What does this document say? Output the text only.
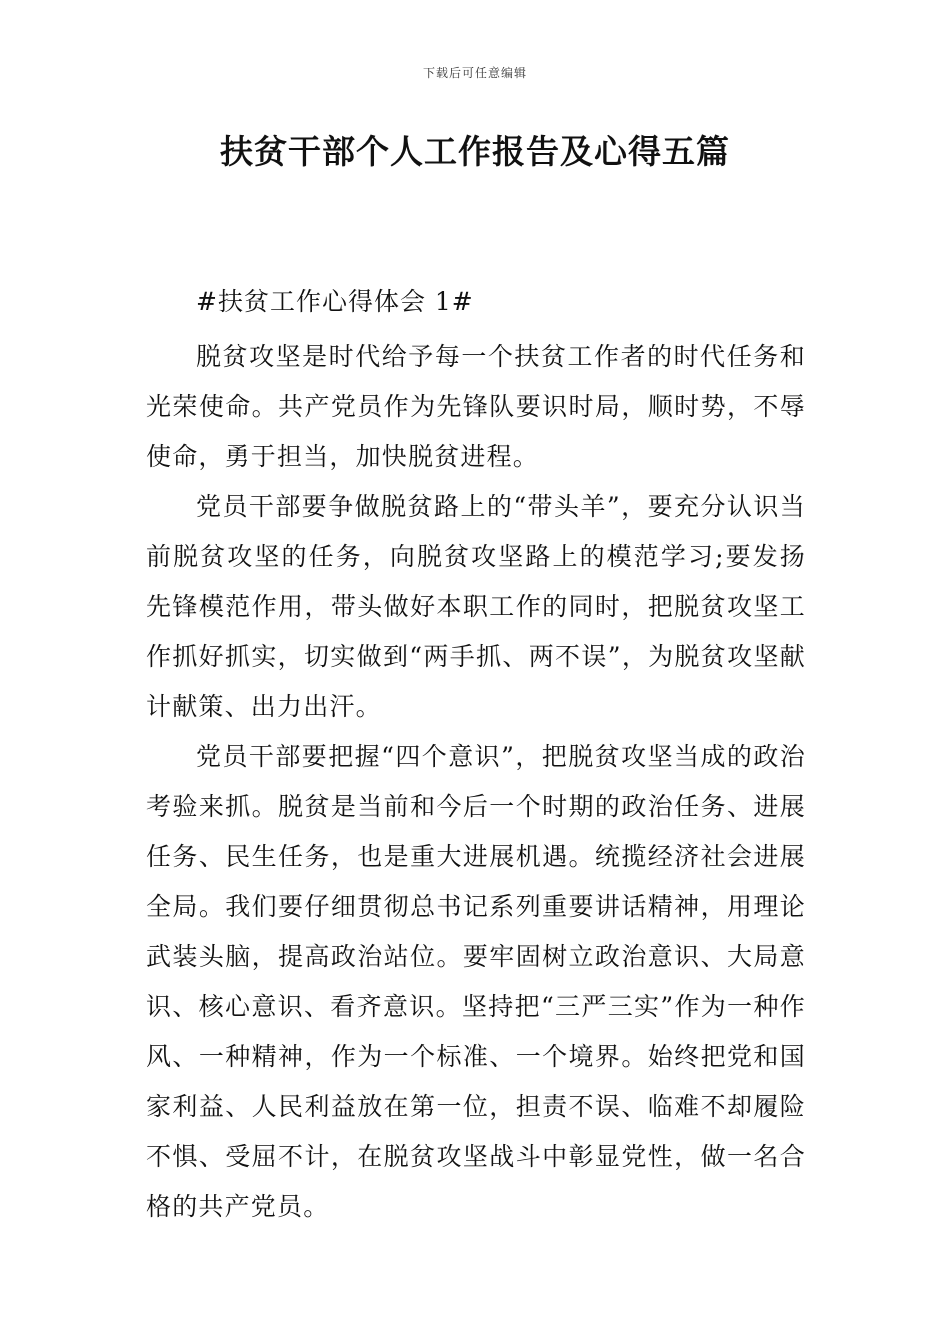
下载后可任意编辑
扶贫干部个人工作报告及心得五篇

#扶贫工作心得体会 1#

脱贫攻坚是时代给予每一个扶贫工作者的时代任务和光荣使命。共产党员作为先锋队要识时局，顺时势，不辱使命，勇于担当，加快脱贫进程。

党员干部要争做脱贫路上的“带头羊”，要充分认识当前脱贫攻坚的任务，向脱贫攻坚路上的模范学习;要发扬先锋模范作用，带头做好本职工作的同时，把脱贫攻坚工作抓好抓实，切实做到“两手抓、两不误”，为脱贫攻坚献计献策、出力出汗。

党员干部要把握“四个意识”，把脱贫攻坚当成的政治考验来抓。脱贫是当前和今后一个时期的政治任务、进展任务、民生任务，也是重大进展机遇。统揽经济社会进展全局。我们要仔细贯彻总书记系列重要讲话精神，用理论武装头脑，提高政治站位。要牢固树立政治意识、大局意识、核心意识、看齐意识。坚持把“三严三实”作为一种作风、一种精神，作为一个标准、一个境界。始终把党和国家利益、人民利益放在第一位，担责不误、临难不却履险不惧、受屈不计，在脱贫攻坚战斗中彰显党性，做一名合格的共产党员。
